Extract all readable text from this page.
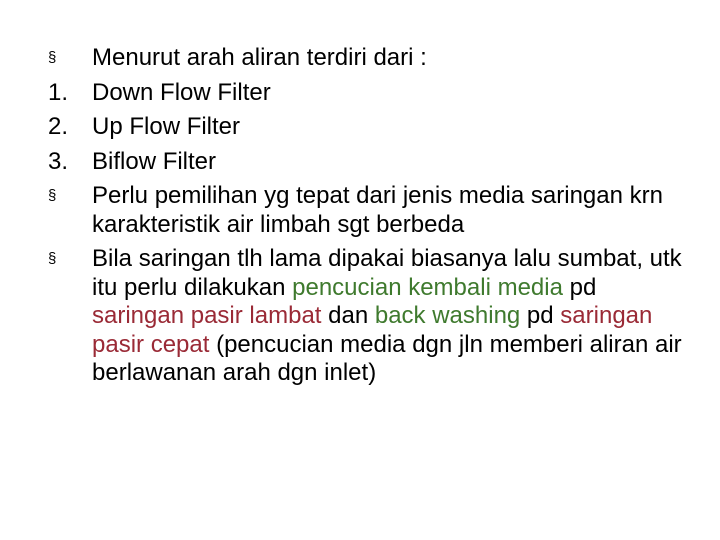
§	Menurut arah aliran terdiri dari :
1. Down Flow Filter
2. Up Flow Filter
3. Biflow Filter
§	Perlu pemilihan yg tepat dari jenis media saringan krn karakteristik air limbah sgt berbeda
§	Bila saringan tlh lama dipakai biasanya lalu sumbat, utk itu perlu dilakukan pencucian kembali media pd saringan pasir lambat dan back washing pd saringan pasir cepat (pencucian media dgn jln memberi aliran air berlawanan arah dgn inlet)
